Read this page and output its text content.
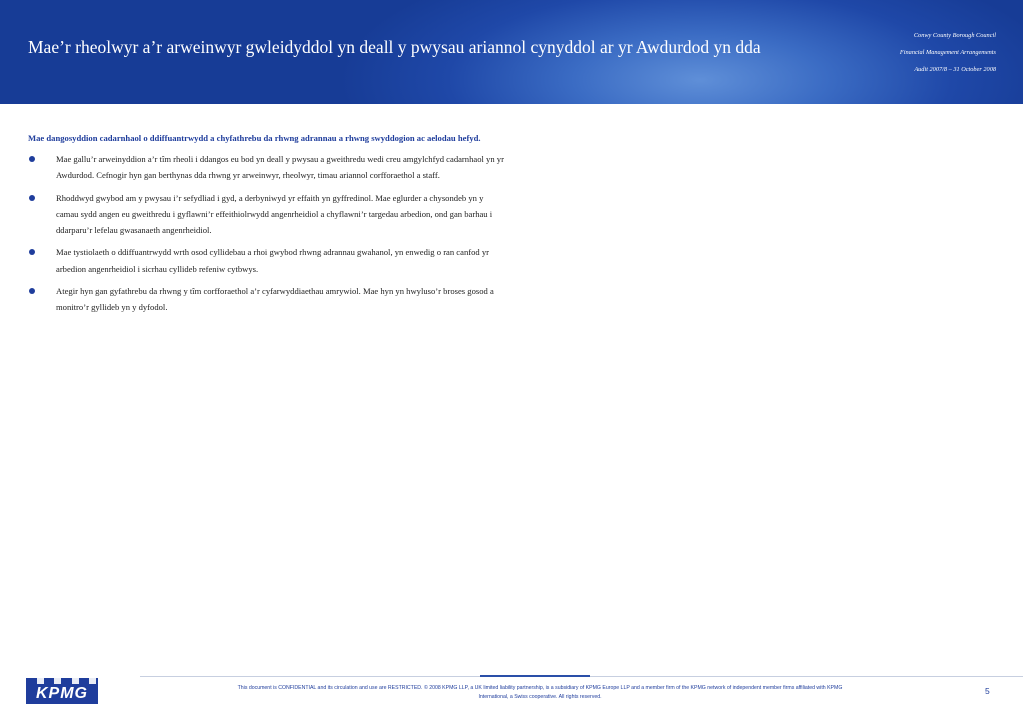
Mae’r rheolwyr a’r arweinwyr gwleidyddol yn deall y pwysau ariannol cynyddol ar yr Awdurdod yn dda
Conwy County Borough Council
Financial Management Arrangements
Audit 2007/8 – 31 October 2008

Mae dangosyddion cadarnhaol o ddiffuantrwydd a chyfathrebu da rhwng adrannau a rhwng swyddogion ac aelodau hefyd.

Mae gallu’r arweinyddion a’r tîm rheoli i ddangos eu bod yn deall y pwysau a gweithredu wedi creu amgylchfyd cadarnhaol yn yr Awdurdod. Cefnogir hyn gan berthynas dda rhwng yr arweinwyr, rheolwyr, timau ariannol corfforaethol a staff.
Rhoddwyd gwybod am y pwysau i’r sefydliad i gyd, a derbyniwyd yr effaith yn gyffredinol. Mae eglurder a chysondeb yn y camau sydd angen eu gweithredu i gyflawni’r effeithiolrwydd angenrheidiol a chyflawni’r targedau arbedion, ond gan barhau i ddarparu’r lefelau gwasanaeth angenrheidiol.
Mae tystiolaeth o ddiffuantrwydd wrth osod cyllidebau a rhoi gwybod rhwng adrannau gwahanol, yn enwedig o ran canfod yr arbedion angenrheidiol i sicrhau cyllideb refeniw cytbwys.
Ategir hyn gan gyfathrebu da rhwng y tîm corfforaethol a’r cyfarwyddiaethau amrywiol. Mae hyn yn hwyluso’r broses gosod a monitro’r gyllideb yn y dyfodol.
KPMG	This document is CONFIDENTIAL and its circulation and use are RESTRICTED. © 2008 KPMG LLP, a UK limited liability partnership, is a subsidiary of KPMG Europe LLP and a member firm of the KPMG network of independent member firms affiliated with KPMG
International, a Swiss cooperative. All rights reserved.
5
